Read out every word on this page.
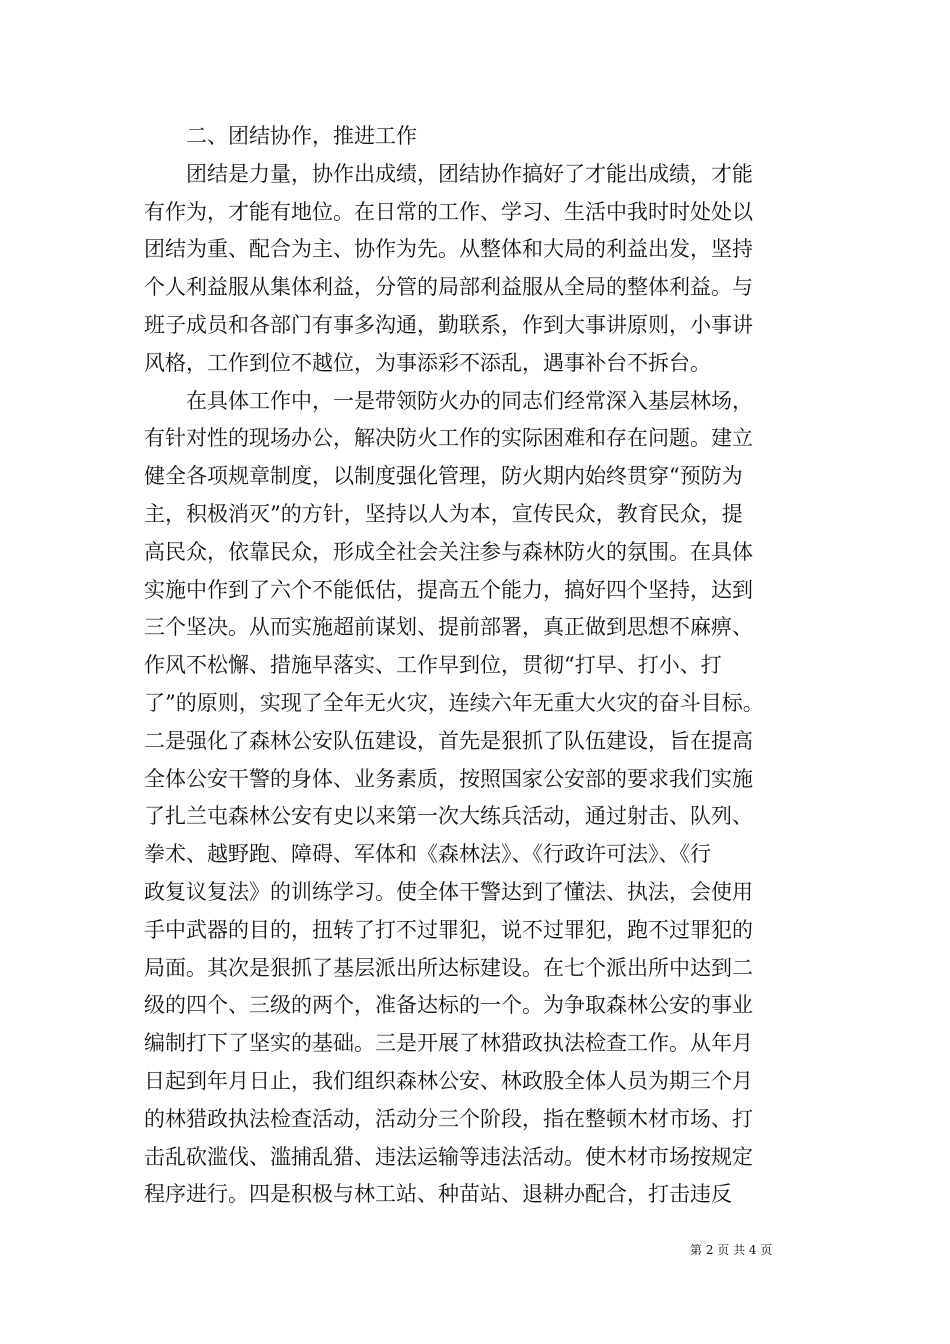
二、团结协作，推进工作
团结是力量，协作出成绩，团结协作搞好了才能出成绩，才能
有作为，才能有地位。在日常的工作、学习、生活中我时时处处以
团结为重、配合为主、协作为先。从整体和大局的利益出发，坚持
个人利益服从集体利益，分管的局部利益服从全局的整体利益。与
班子成员和各部门有事多沟通，勤联系，作到大事讲原则，小事讲
风格，工作到位不越位，为事添彩不添乱，遇事补台不拆台。
在具体工作中，一是带领防火办的同志们经常深入基层林场，
有针对性的现场办公，解决防火工作的实际困难和存在问题。建立
健全各项规章制度，以制度强化管理，防火期内始终贯穿“预防为
主，积极消灭”的方针，坚持以人为本，宣传民众，教育民众，提
高民众，依靠民众，形成全社会关注参与森林防火的氛围。在具体
实施中作到了六个不能低估，提高五个能力，搞好四个坚持，达到
三个坚决。从而实施超前谋划、提前部署，真正做到思想不麻痹、
作风不松懈、措施早落实、工作早到位，贯彻“打早、打小、打
了”的原则，实现了全年无火灾，连续六年无重大火灾的奋斗目标。
二是强化了森林公安队伍建设，首先是狠抓了队伍建设，旨在提高
全体公安干警的身体、业务素质，按照国家公安部的要求我们实施
了扎兰屯森林公安有史以来第一次大练兵活动，通过射击、队列、
拳术、越野跑、障碍、军体和《森林法》、《行政许可法》、《行
政复议复法》的训练学习。使全体干警达到了懂法、执法，会使用
手中武器的目的，扭转了打不过罪犯，说不过罪犯，跑不过罪犯的
局面。其次是狠抓了基层派出所达标建设。在七个派出所中达到二
级的四个、三级的两个，准备达标的一个。为争取森林公安的事业
编制打下了坚实的基础。三是开展了林猎政执法检查工作。从年月
日起到年月日止，我们组织森林公安、林政股全体人员为期三个月
的林猎政执法检查活动，活动分三个阶段，指在整顿木材市场、打
击乱砍滥伐、滥捕乱猎、违法运输等违法活动。使木材市场按规定
程序进行。四是积极与林工站、种苗站、退耕办配合，打击违反
第 2 页 共 4 页
